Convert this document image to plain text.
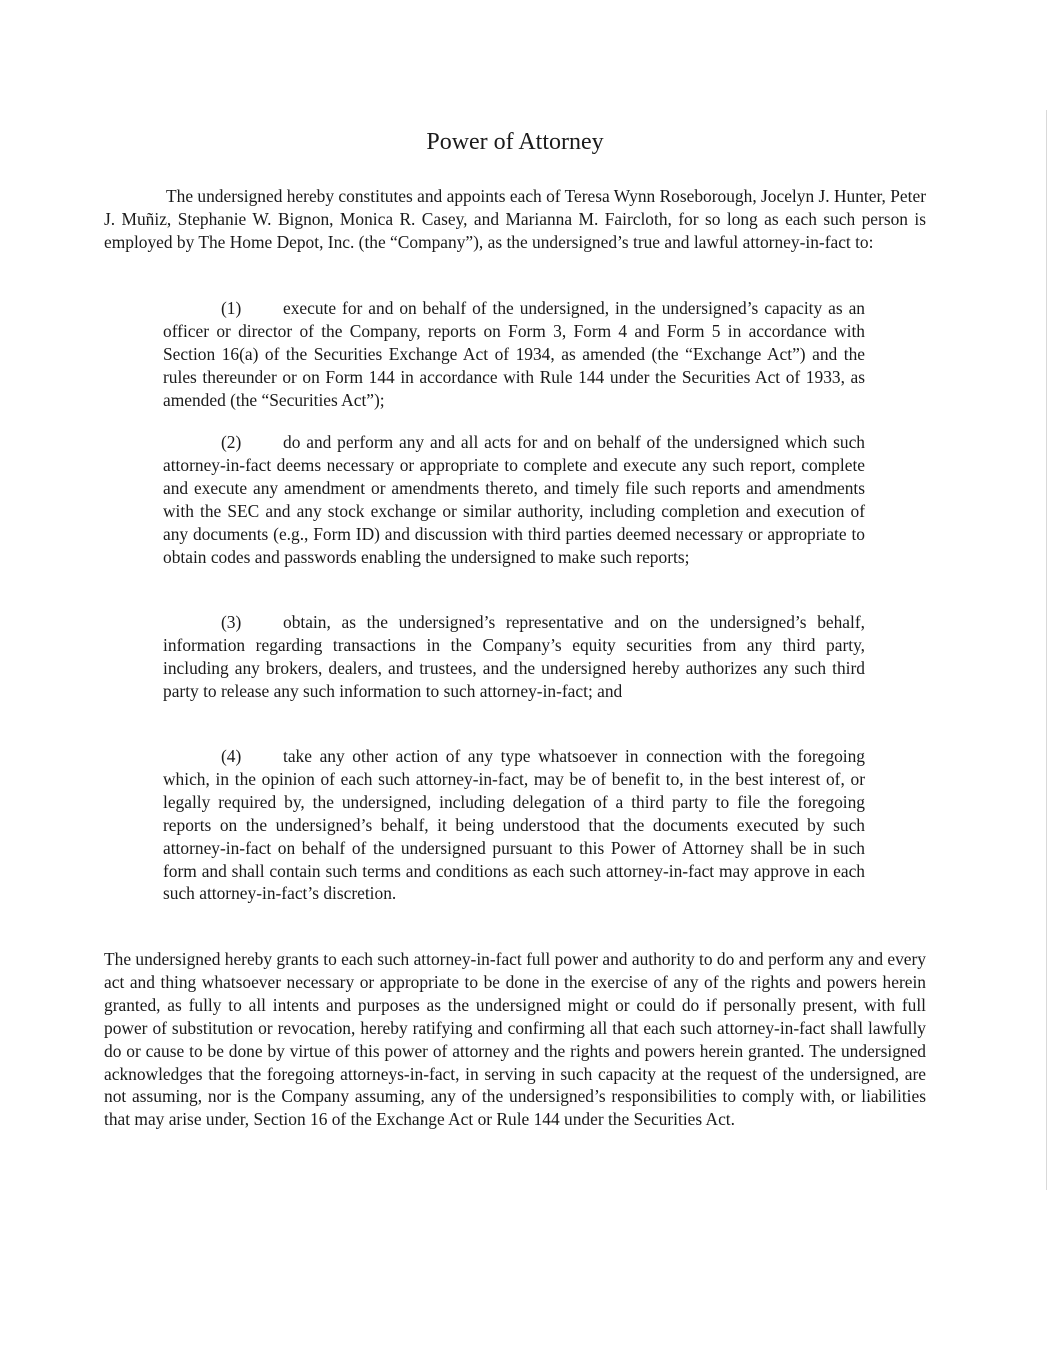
Power of Attorney

The undersigned hereby constitutes and appoints each of Teresa Wynn Roseborough, Jocelyn J. Hunter, Peter J. Muñiz, Stephanie W. Bignon, Monica R. Casey, and Marianna M. Faircloth, for so long as each such person is employed by The Home Depot, Inc. (the “Company”), as the undersigned’s true and lawful attorney-in-fact to:

(1) execute for and on behalf of the undersigned, in the undersigned’s capacity as an officer or director of the Company, reports on Form 3, Form 4 and Form 5 in accordance with Section 16(a) of the Securities Exchange Act of 1934, as amended (the “Exchange Act”) and the rules thereunder or on Form 144 in accordance with Rule 144 under the Securities Act of 1933, as amended (the “Securities Act”);

(2) do and perform any and all acts for and on behalf of the undersigned which such attorney-in-fact deems necessary or appropriate to complete and execute any such report, complete and execute any amendment or amendments thereto, and timely file such reports and amendments with the SEC and any stock exchange or similar authority, including completion and execution of any documents (e.g., Form ID) and discussion with third parties deemed necessary or appropriate to obtain codes and passwords enabling the undersigned to make such reports;

(3) obtain, as the undersigned’s representative and on the undersigned’s behalf, information regarding transactions in the Company’s equity securities from any third party, including any brokers, dealers, and trustees, and the undersigned hereby authorizes any such third party to release any such information to such attorney-in-fact; and

(4) take any other action of any type whatsoever in connection with the foregoing which, in the opinion of each such attorney-in-fact, may be of benefit to, in the best interest of, or legally required by, the undersigned, including delegation of a third party to file the foregoing reports on the undersigned’s behalf, it being understood that the documents executed by such attorney-in-fact on behalf of the undersigned pursuant to this Power of Attorney shall be in such form and shall contain such terms and conditions as each such attorney-in-fact may approve in each such attorney-in-fact’s discretion.

The undersigned hereby grants to each such attorney-in-fact full power and authority to do and perform any and every act and thing whatsoever necessary or appropriate to be done in the exercise of any of the rights and powers herein granted, as fully to all intents and purposes as the undersigned might or could do if personally present, with full power of substitution or revocation, hereby ratifying and confirming all that each such attorney-in-fact shall lawfully do or cause to be done by virtue of this power of attorney and the rights and powers herein granted. The undersigned acknowledges that the foregoing attorneys-in-fact, in serving in such capacity at the request of the undersigned, are not assuming, nor is the Company assuming, any of the undersigned’s responsibilities to comply with, or liabilities that may arise under, Section 16 of the Exchange Act or Rule 144 under the Securities Act.
